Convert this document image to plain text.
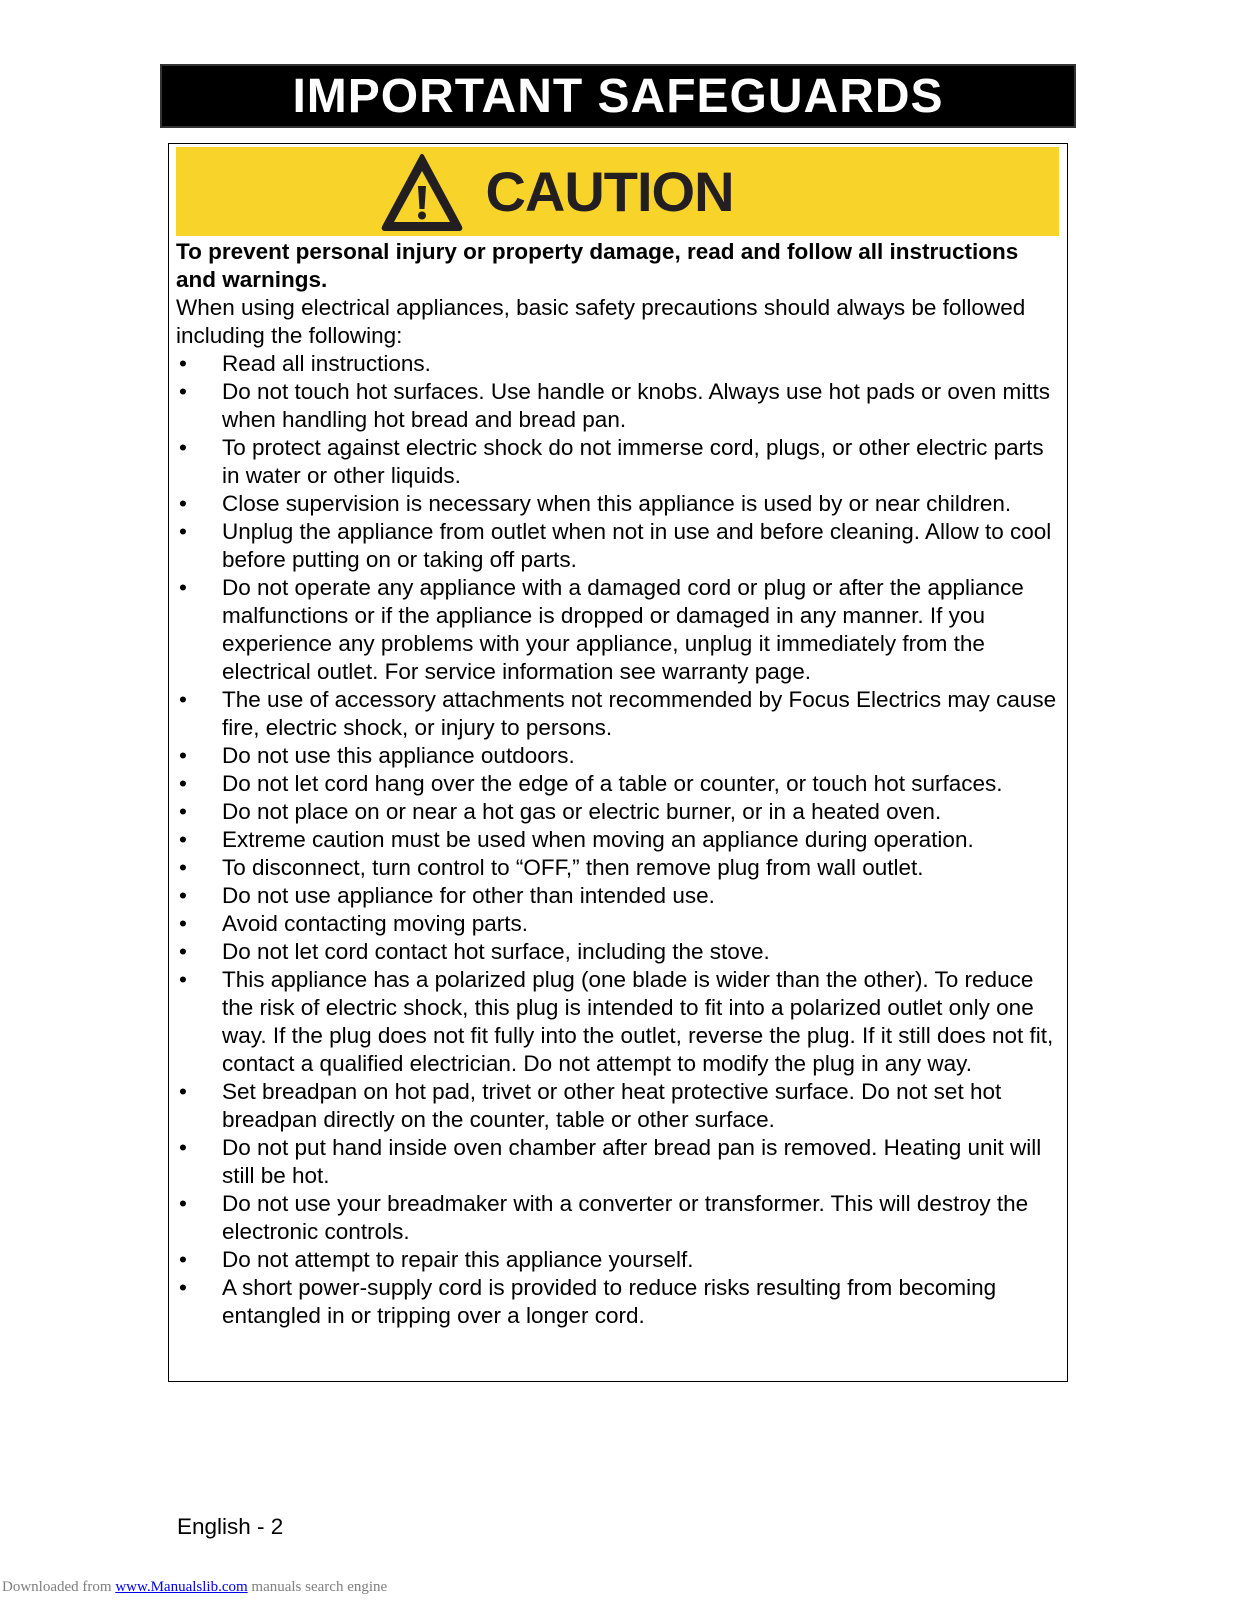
IMPORTANT SAFEGUARDS
CAUTION

To prevent personal injury or property damage, read and follow all instructions and warnings.

When using electrical appliances, basic safety precautions should always be followed including the following:

• Read all instructions.
• Do not touch hot surfaces. Use handle or knobs. Always use hot pads or oven mitts when handling hot bread and bread pan.
• To protect against electric shock do not immerse cord, plugs, or other electric parts in water or other liquids.
• Close supervision is necessary when this appliance is used by or near children.
• Unplug the appliance from outlet when not in use and before cleaning. Allow to cool before putting on or taking off parts.
• Do not operate any appliance with a damaged cord or plug or after the appliance malfunctions or if the appliance is dropped or damaged in any manner. If you experience any problems with your appliance, unplug it immediately from the electrical outlet. For service information see warranty page.
• The use of accessory attachments not recommended by Focus Electrics may cause fire, electric shock, or injury to persons.
• Do not use this appliance outdoors.
• Do not let cord hang over the edge of a table or counter, or touch hot surfaces.
• Do not place on or near a hot gas or electric burner, or in a heated oven.
• Extreme caution must be used when moving an appliance during operation.
• To disconnect, turn control to “OFF,” then remove plug from wall outlet.
• Do not use appliance for other than intended use.
• Avoid contacting moving parts.
• Do not let cord contact hot surface, including the stove.
• This appliance has a polarized plug (one blade is wider than the other). To reduce the risk of electric shock, this plug is intended to fit into a polarized outlet only one way. If the plug does not fit fully into the outlet, reverse the plug. If it still does not fit, contact a qualified electrician. Do not attempt to modify the plug in any way.
• Set breadpan on hot pad, trivet or other heat protective surface. Do not set hot breadpan directly on the counter, table or other surface.
• Do not put hand inside oven chamber after bread pan is removed. Heating unit will still be hot.
• Do not use your breadmaker with a converter or transformer. This will destroy the electronic controls.
• Do not attempt to repair this appliance yourself.
• A short power-supply cord is provided to reduce risks resulting from becoming entangled in or tripping over a longer cord.
English - 2
Downloaded from www.Manualslib.com manuals search engine
